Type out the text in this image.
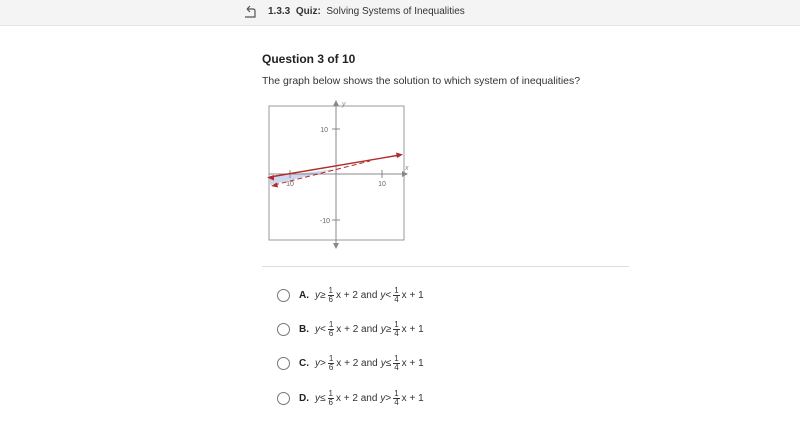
1.3.3 Quiz: Solving Systems of Inequalities
Question 3 of 10
The graph below shows the solution to which system of inequalities?
10
-10
10
10
y
x
A. $y \ge \frac{1}{6}$ x + 2 and $y < \frac{1}{4}$ x + 1
B. $y < \frac{1}{6}$ x + 2 and $y \ge \frac{1}{4}$ x + 1
C. $y > \frac{1}{6}$ x + 2 and $y \le \frac{1}{4}$ x + 1
D. $y \le \frac{1}{6}$ x + 2 and $y > \frac{1}{4}$ x + 1
